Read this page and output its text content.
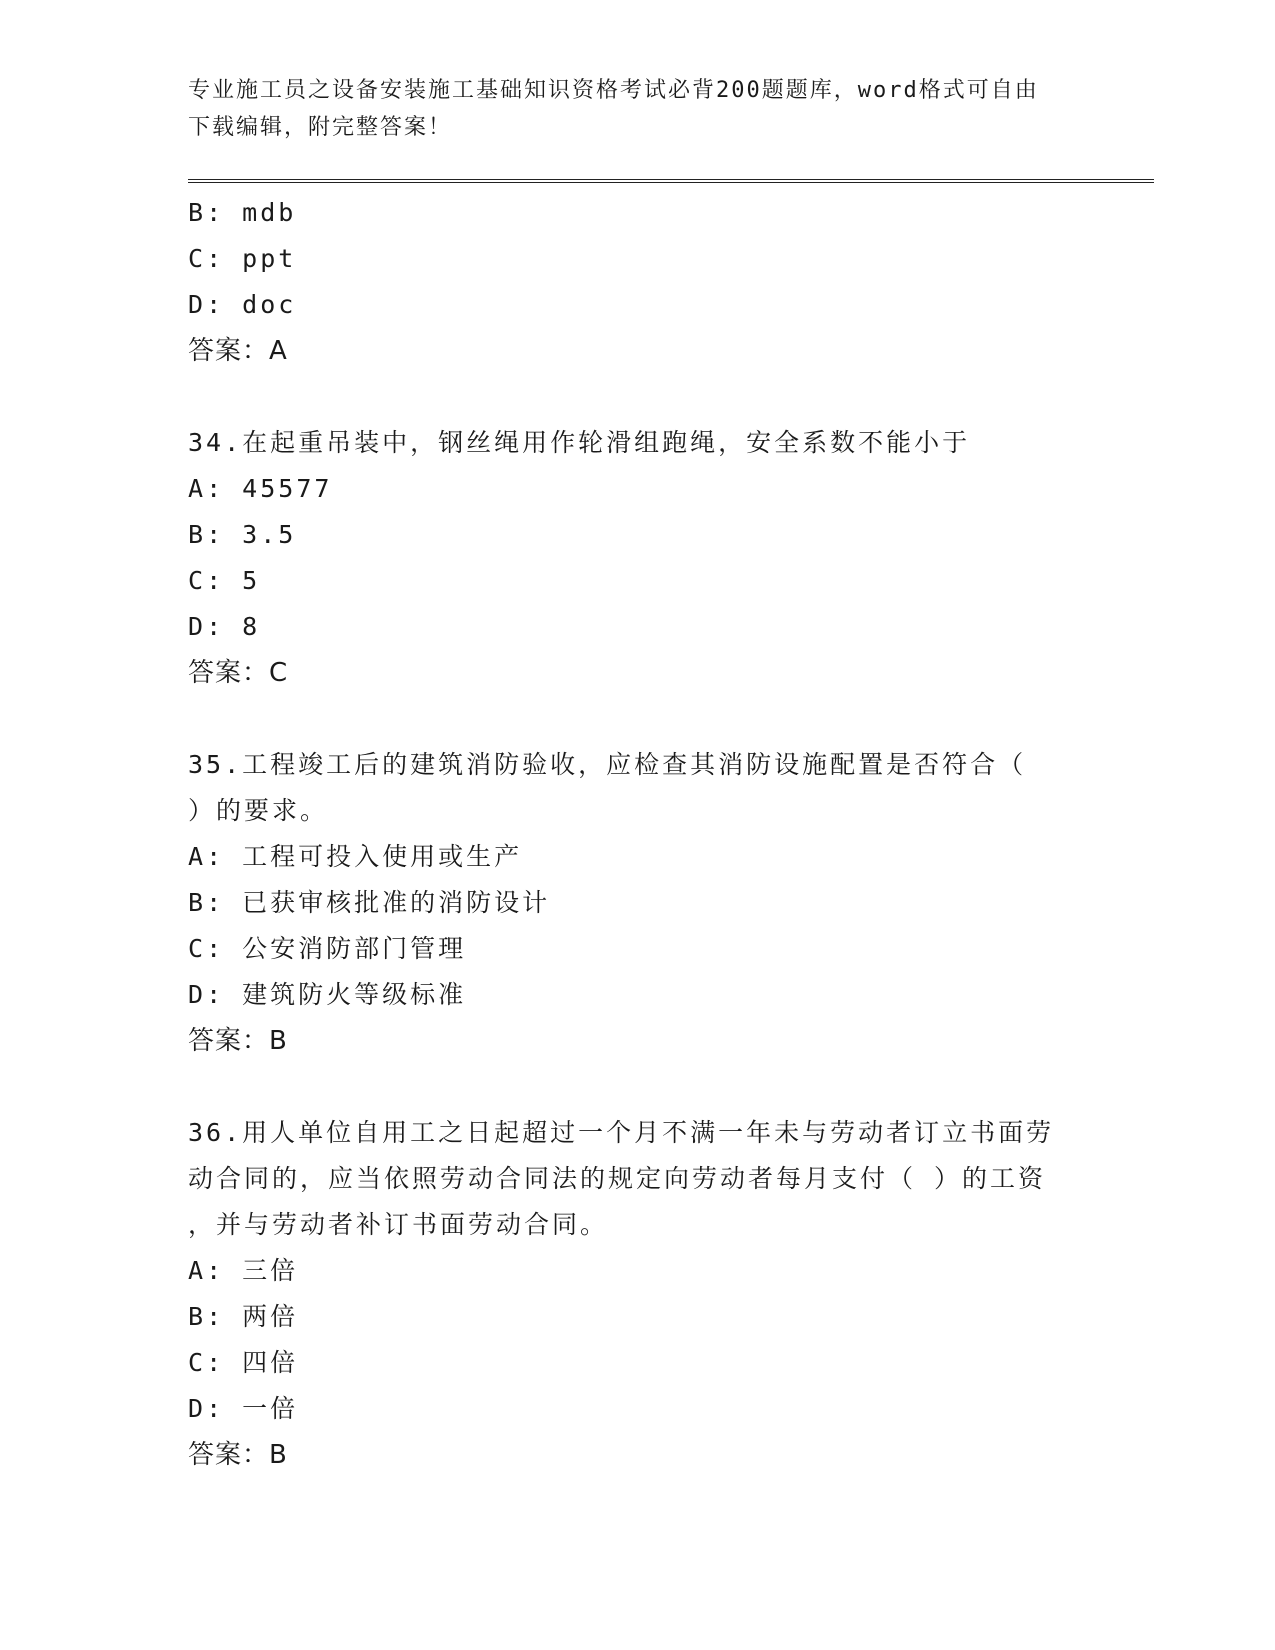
专业施工员之设备安装施工基础知识资格考试必背200题题库，word格式可自由
下载编辑，附完整答案！
B: mdb
C: ppt
D: doc
答案：A
34.在起重吊装中，钢丝绳用作轮滑组跑绳，安全系数不能小于
A: 45577
B: 3.5
C: 5
D: 8
答案：C
35.工程竣工后的建筑消防验收，应检查其消防设施配置是否符合（
）的要求。
A: 工程可投入使用或生产
B: 已获审核批准的消防设计
C: 公安消防部门管理
D: 建筑防火等级标准
答案：B
36.用人单位自用工之日起超过一个月不满一年未与劳动者订立书面劳
动合同的，应当依照劳动合同法的规定向劳动者每月支付（ ）的工资
，并与劳动者补订书面劳动合同。
A: 三倍
B: 两倍
C: 四倍
D: 一倍
答案：B
